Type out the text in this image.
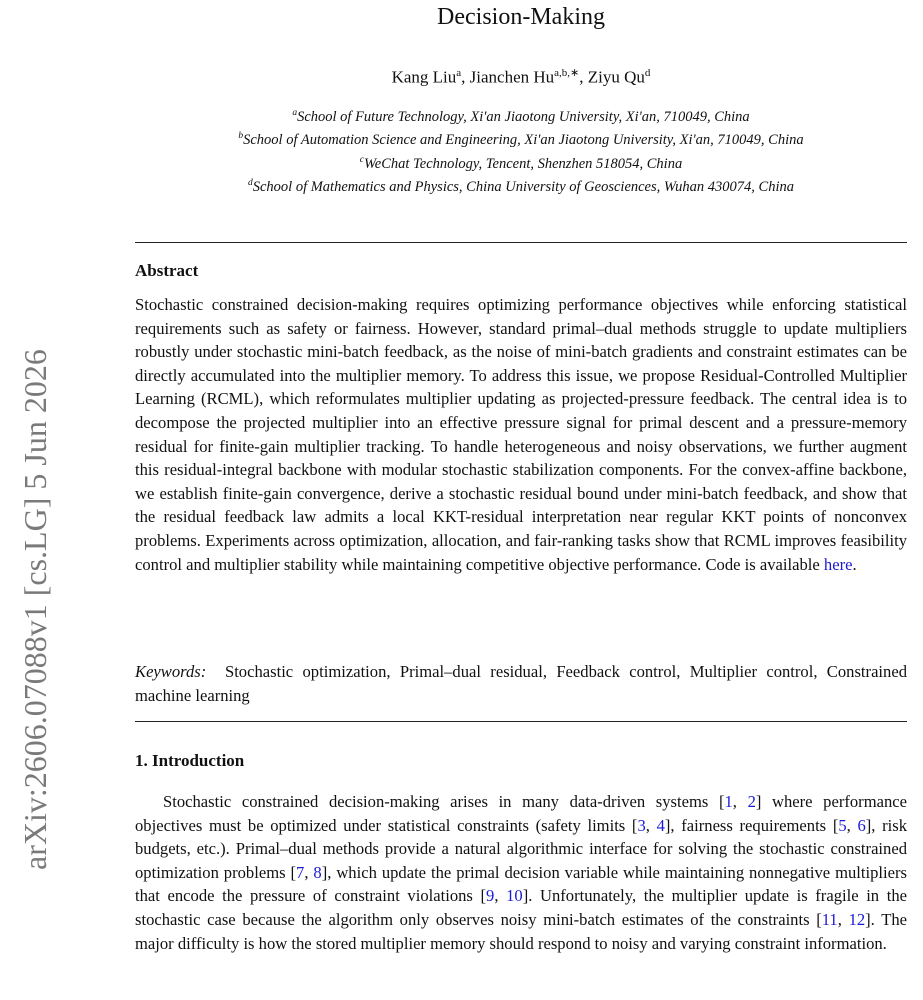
arXiv:2606.07088v1 [cs.LG] 5 Jun 2026
Decision-Making
Kang Liu$^a$, Jianchen $Hu^{a,b,∗}$, Ziyu Qu$^d$
$^a$School of Future Technology, Xi'an Jiaotong University, Xi'an, 710049, China
$^b$School of Automation Science and Engineering, Xi'an Jiaotong University, Xi'an, 710049, China
$^c$WeChat Technology, Tencent, Shenzhen 518054, China
$^d$School of Mathematics and Physics, China University of Geosciences, Wuhan 430074, China
Abstract

Stochastic constrained decision-making requires optimizing performance objectives while enforcing statistical requirements such as safety or fairness. However, standard primal–dual methods struggle to update multipliers robustly under stochastic mini-batch feedback, as the noise of mini-batch gradients and constraint estimates can be directly accumulated into the multiplier memory. To address this issue, we propose Residual-Controlled Multiplier Learning (RCML), which reformulates multiplier updating as projected-pressure feedback. The central idea is to decompose the projected multiplier into an effective pressure signal for primal descent and a pressure-memory residual for finite-gain multiplier tracking. To handle heterogeneous and noisy observations, we further augment this residual-integral backbone with modular stochastic stabilization components. For the convex-affine backbone, we establish finite-gain convergence, derive a stochastic residual bound under mini-batch feedback, and show that the residual feedback law admits a local KKT-residual interpretation near regular KKT points of nonconvex problems. Experiments across optimization, allocation, and fair-ranking tasks show that RCML improves feasibility control and multiplier stability while maintaining competitive objective performance. Code is available here.

Keywords: Stochastic optimization, Primal–dual residual, Feedback control, Multiplier control, Constrained machine learning

1. Introduction

Stochastic constrained decision-making arises in many data-driven systems [1, 2] where performance objectives must be optimized under statistical constraints (safety limits [3, 4], fairness requirements [5, 6], risk budgets, etc.). Primal–dual methods provide a natural algorithmic interface for solving the stochastic constrained optimization problems [7, 8], which update the primal decision variable while maintaining nonnegative multipliers that encode the pressure of constraint violations [9, 10]. Unfortunately, the multiplier update is fragile in the stochastic case because the algorithm only observes noisy mini-batch estimates of the constraints [11, 12]. The major difficulty is how the stored multiplier memory should respond to noisy and varying constraint information.
